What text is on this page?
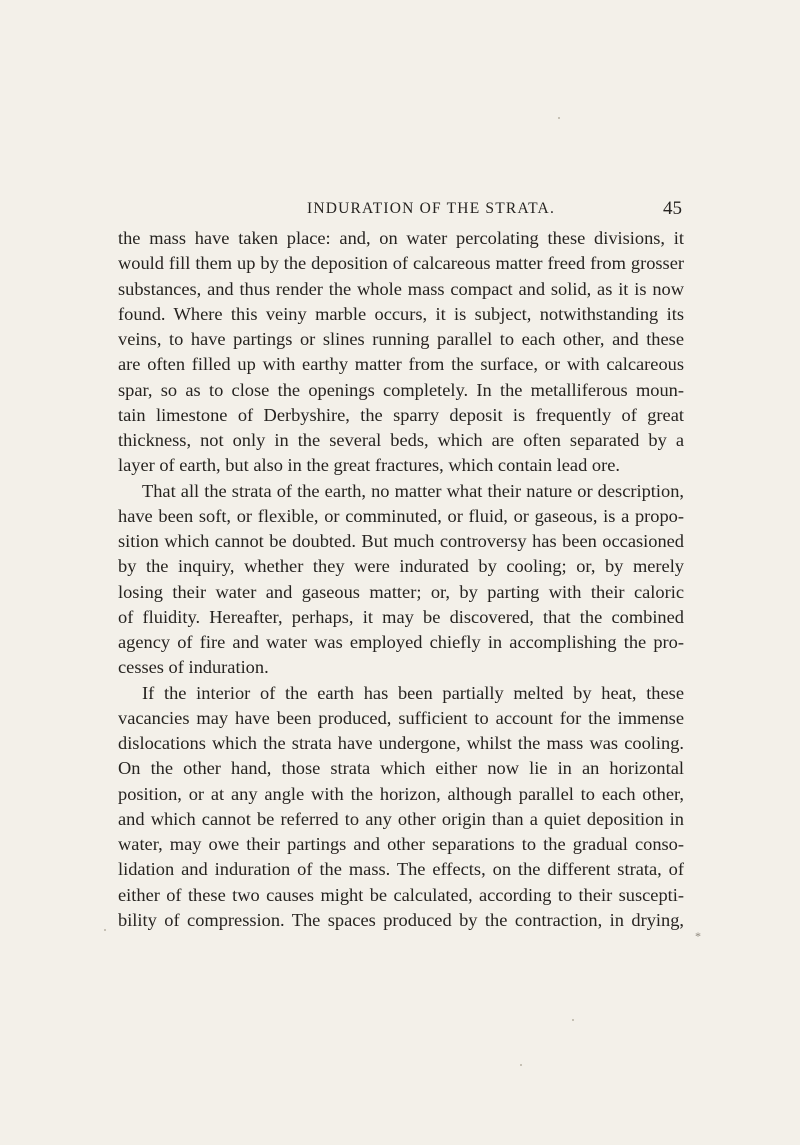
INDURATION OF THE STRATA.	45
the mass have taken place: and, on water percolating these divisions, it
would fill them up by the deposition of calcareous matter freed from grosser
substances, and thus render the whole mass compact and solid, as it is now
found. Where this veiny marble occurs, it is subject, notwithstanding its
veins, to have partings or slines running parallel to each other, and these
are often filled up with earthy matter from the surface, or with calcareous
spar, so as to close the openings completely. In the metalliferous moun-
tain limestone of Derbyshire, the sparry deposit is frequently of great
thickness, not only in the several beds, which are often separated by a
layer of earth, but also in the great fractures, which contain lead ore.
That all the strata of the earth, no matter what their nature or description,
have been soft, or flexible, or comminuted, or fluid, or gaseous, is a propo-
sition which cannot be doubted. But much controversy has been occasioned
by the inquiry, whether they were indurated by cooling; or, by merely
losing their water and gaseous matter; or, by parting with their caloric
of fluidity. Hereafter, perhaps, it may be discovered, that the combined
agency of fire and water was employed chiefly in accomplishing the pro-
cesses of induration.
If the interior of the earth has been partially melted by heat, these
vacancies may have been produced, sufficient to account for the immense
dislocations which the strata have undergone, whilst the mass was cooling.
On the other hand, those strata which either now lie in an horizontal
position, or at any angle with the horizon, although parallel to each other,
and which cannot be referred to any other origin than a quiet deposition in
water, may owe their partings and other separations to the gradual conso-
lidation and induration of the mass. The effects, on the different strata, of
either of these two causes might be calculated, according to their suscepti-
bility of compression. The spaces produced by the contraction, in drying,
*
